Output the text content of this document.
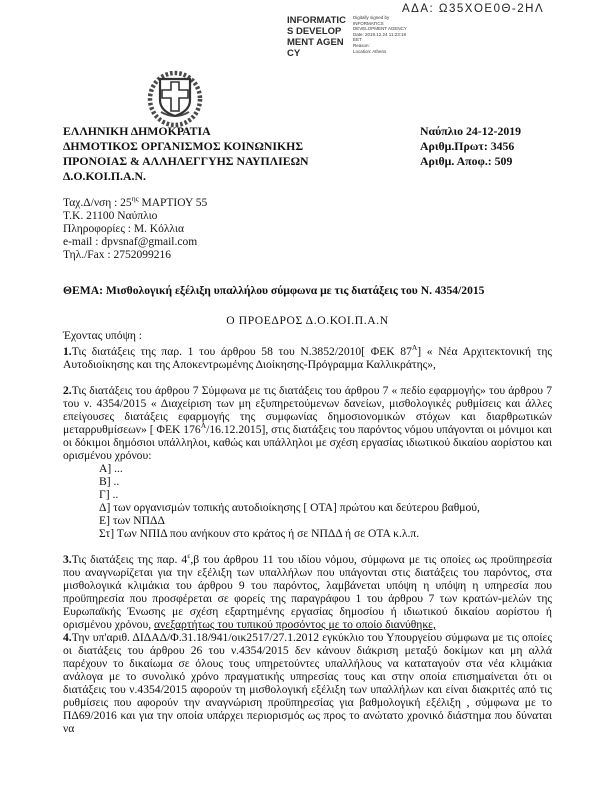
ΑΔΑ: Ω35ΧΟΕ0Θ-2ΗΛ
INFORMATICS DEVELOPMENT AGENCY
Digitally signed by
INFORMATICS
DEVELOPMENT AGENCY
Date: 2019.12.24 11:23:18
EET
Reason:
Location: Athens
ΕΛΛΗΝΙΚΗ ΔΗΜΟΚΡΑΤΙΑ
ΔΗΜΟΤΙΚΟΣ ΟΡΓΑΝΙΣΜΟΣ ΚΟΙΝΩΝΙΚΗΣ
ΠΡΟΝΟΙΑΣ & ΑΛΛΗΛΕΓΓΥΗΣ ΝΑΥΠΛΙΕΩΝ
Δ.Ο.ΚΟΙ.Π.Α.Ν.
Ναύπλιο 24-12-2019
Αριθμ.Πρωτ: 3456
Αριθμ. Αποφ.: 509
Ταχ.Δ/νση : $25^{\eta\varsigma}$ ΜΑΡΤΙΟΥ 55
Τ.Κ. 21100 Ναύπλιο
Πληροφορίες : Μ. Κόλλια
e-mail : dpvsnaf@gmail.com
Τηλ./Fax : 2752099216
ΘΕΜΑ: Μισθολογική εξέλιξη υπαλλήλου σύμφωνα με τις διατάξεις του Ν. 4354/2015
Ο ΠΡΟΕΔΡΟΣ Δ.Ο.ΚΟΙ.Π.Α.Ν
Έχοντας υπόψη :

1.Τις διατάξεις της παρ. 1 του άρθρου 58 του Ν.3852/2010[ ΦΕΚ $87^A$] « Νέα Αρχιτεκτονική της Αυτοδιοίκησης και της Αποκεντρωμένης Διοίκησης-Πρόγραμμα Καλλικράτης»,

2.Τις διατάξεις του άρθρου 7 Σύμφωνα με τις διατάξεις του άρθρου 7 « πεδίο εφαρμογής» του άρθρου 7 του ν. 4354/2015 « Διαχείριση των μη εξυπηρετούμενων δανείων, μισθολογικές ρυθμίσεις και άλλες επείγουσες διατάξεις εφαρμογής της συμφωνίας δημοσιονομικών στόχων και διαρθρωτικών μεταρρυθμίσεων» [ ΦΕΚ $176^A/16.12.2015$], στις διατάξεις του παρόντος νόμου υπάγονται οι μόνιμοι και οι δόκιμοι δημόσιοι υπάλληλοι, καθώς και υπάλληλοι με σχέση εργασίας ιδιωτικού δικαίου αορίστου και ορισμένου χρόνου:

Α] ...
Β] ..
Γ] ..
Δ] των οργανισμών τοπικής αυτοδιοίκησης [ ΟΤΑ] πρώτου και δεύτερου βαθμού,
Ε] των ΝΠΔΔ
Στ] Των ΝΠΙΔ που ανήκουν στο κράτος ή σε ΝΠΔΔ ή σε ΟΤΑ κ.λ.π.

3.Τις διατάξεις της παρ. $4^\varepsilon,\beta$ του άρθρου 11 του ιδίου νόμου, σύμφωνα με τις οποίες ως προϋπηρεσία που αναγνωρίζεται για την εξέλιξη των υπαλλήλων που υπάγονται στις διατάξεις του παρόντος, στα μισθολογικά κλιμάκια του άρθρου 9 του παρόντος, λαμβάνεται υπόψη η υπόψη η υπηρεσία που προϋπηρεσία που προσφέρεται σε φορείς της παραγράφου 1 του άρθρου 7 των κρατών-μελών της Ευρωπαϊκής Ένωσης με σχέση εξαρτημένης εργασίας δημοσίου ή ιδιωτικού δικαίου αορίστου ή ορισμένου χρόνου, ανεξαρτήτως του τυπικού προσόντος με το οποίο διανύθηκε,

4.Την υπ'αριθ. ΔΙΔΑΔ/Φ.31.18/941/οικ2517/27.1.2012 εγκύκλιο του Υπουργείου σύμφωνα με τις οποίες οι διατάξεις του άρθρου 26 του ν.4354/2015 δεν κάνουν διάκριση μεταξύ δοκίμων και μη αλλά παρέχουν το δικαίωμα σε όλους τους υπηρετούντες υπαλλήλους να καταταγούν στα νέα κλιμάκια ανάλογα με το συνολικό χρόνο πραγματικής υπηρεσίας τους και στην οποία επισημαίνεται ότι οι διατάξεις του ν.4354/2015 αφορούν τη μισθολογική εξέλιξη των υπαλλήλων και είναι διακριτές από τις ρυθμίσεις που αφορούν την αναγνώριση προϋπηρεσίας για βαθμολογική εξέλιξη , σύμφωνα με το ΠΔ69/2016 και για την οποία υπάρχει περιορισμός ως προς το ανώτατο χρονικό διάστημα που δύναται να
